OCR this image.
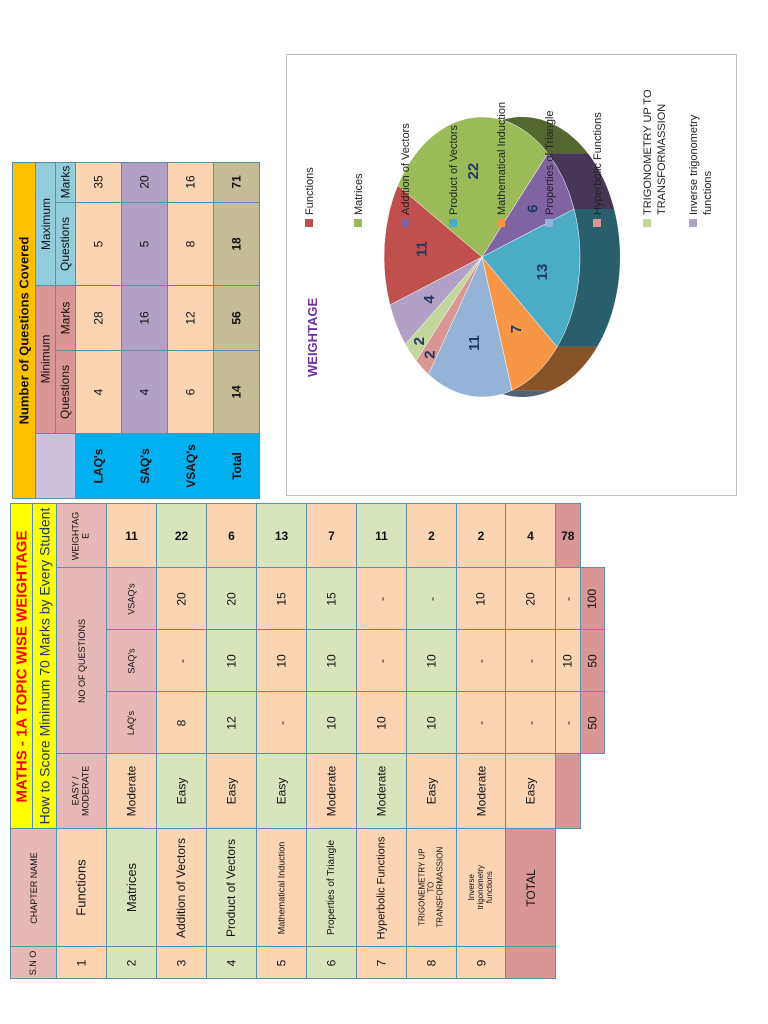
MATHS - 1A TOPIC WISE WEIGHTAGE	How to Score Minimum 70 Marks by Every Student	WEIGHTAG E	11	22	6	13	7	11	2	2	4	78	

		NO OF QUESTIONS	VSAQ's	20	20	15	15	-	-	10	20	-	100

			SAQ's	-	10	10	10	-	10	-	-	10	50

			LAQ's	8	12	-	10	10	10	-	-	-	50

		EASY / MODERATE	Moderate	Easy	Easy	Easy	Moderate	Moderate	Easy	Moderate	Easy		

CHAPTER NAME		Functions	Matrices	Addition of Vectors	Product of Vectors	Mathematical Induction	Properties of Triangle	Hyperbolic Functions	TRIGONEMETRY UP TO TRANSFORMASSION	Inverse trigonometry functions	TOTAL		

S.N O		1	2	3	4	5	6	7	8	9			

Number of Questions Covered	Maximum	Marks	35	20	16	71

		Questions	5	5	8	18

	Minimum	Marks	28	16	12	56

		Questions	4	4	6	14

			LAQ's	SAQ's	VSAQ's	Total
11
22
6
13
7
11
2
2
4
WEIGHTAGE
Functions	Matrices	Addition of Vectors	Product of Vectors	Mathematical Induction	Properties of Triangle	Hyperbolic Functions	TRIGONOMETRY UP TO TRANSFORMASSION Inverse trigonometry functions
